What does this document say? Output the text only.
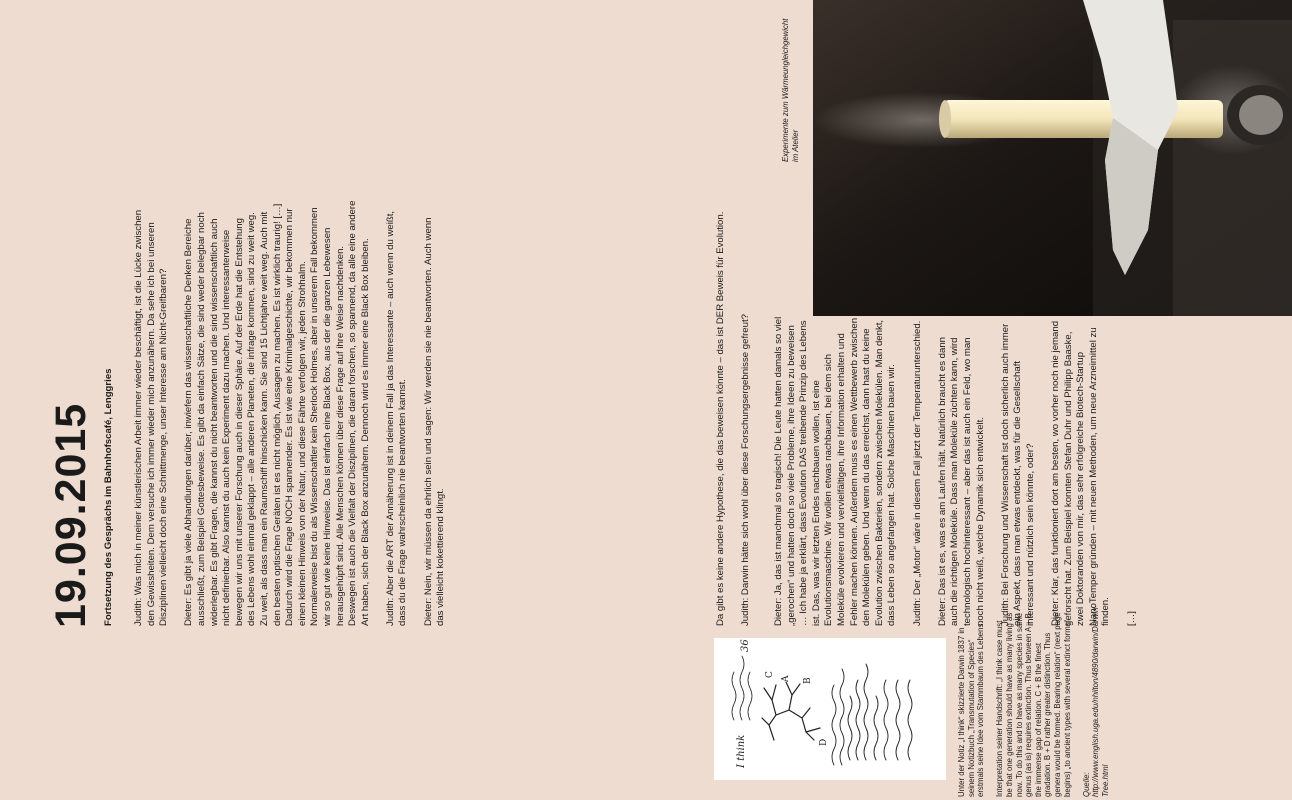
19.09.2015 Fortsetzung des Gesprächs im Bahnhofscafé, Lenggries Judith: Was mich in meiner künstlerischen Arbeit immer wieder beschäftigt, ist die Lücke zwischen den Gewissheiten. Dem versuche ich immer wieder mich anzunähern. Da sehe ich bei unseren Disziplinen vielleicht doch eine Schnittmenge, unser Interesse am Nicht-Greifbaren? Dieter: Es gibt ja viele Abhandlungen darüber, inwiefern das wissenschaftliche Denken Bereiche ausschließt, zum Beispiel Gottesbeweise. Es gibt da einfach Sätze, die sind weder belegbar noch widerlegbar. Es gibt Fragen, die kannst du nicht beantworten und die sind wissenschaftlich auch nicht definierbar. Also kannst du auch kein Experiment dazu machen. Und interessanterweise bewegen wir uns mit unserer Forschung auch in dieser Sphäre. Auf der Erde hat die Entstehung des Lebens wohl einmal geklappt – alle anderen Planeten, die infrage kommen, sind zu weit weg. Zu weit, als dass man ein Raumschiff hinschicken kann. Sie sind 15 Lichtjahre weit weg. Auch mit den besten optischen Geräten ist es nicht möglich, Aussagen zu machen. Es ist wirklich traurig! […] Dadurch wird die Frage NOCH spannender. Es ist wie eine Kriminalgeschichte, wir bekommen nur einen kleinen Hinweis von der Natur, und diese Fährte verfolgen wir, jeden Strohhalm. Normalerweise bist du als Wissenschaftler kein Sherlock Holmes, aber in unserem Fall bekommen wir so gut wie keine Hinweise. Das ist einfach eine Black Box, aus der die ganzen Lebewesen herausgehüpft sind. Alle Menschen können über diese Frage auf ihre Weise nachdenken. Deswegen ist auch die Vielfalt der Disziplinen, die daran forschen, so spannend, da alle eine andere Art haben, sich der Black Box anzunähern. Dennoch wird es immer eine Black Box bleiben. Judith: Aber die ART der Annäherung ist in deinem Fall ja das Interessante – auch wenn du weißt, dass du die Frage wahrscheinlich nie beantworten kannst. Dieter: Nein, wir müssen da ehrlich sein und sagen: Wir werden sie nie beantworten. Auch wenn das vielleicht kokettierend klingt.	Da gibt es keine andere Hypothese, die das beweisen könnte – das ist DER Beweis für Evolution. Judith: Darwin hätte sich wohl über diese Forschungsergebnisse gefreut? Dieter: Ja, das ist manchmal so tragisch! Die Leute hatten damals so viel „gerochen“ und hatten doch so viele Probleme, ihre Ideen zu beweisen … Ich habe ja erklärt, dass Evolution DAS treibende Prinzip des Lebens ist. Das, was wir letzten Endes nachbauen wollen, ist eine Evolutionsmaschine. Wir wollen etwas nachbauen, bei dem sich Moleküle evolvieren und vervielfältigen, ihre Information erhalten und Fehler machen können. Außerdem muss es einen Wettbewerb zwischen den Molekülen geben. Und wenn du das erreichst, dann hast du keine Evolution zwischen Bakterien, sondern zwischen Molekülen. Man denkt, dass Leben so angefangen hat. Solche Maschinen bauen wir. Judith: Der „Motor“ wäre in diesem Fall jetzt der Temperaturunterschied. Dieter: Das ist es, was es am Laufen hält. Natürlich braucht es dann auch die richtigen Moleküle. Dass man Moleküle züchten kann, wird technologisch hochinteressant – aber das ist auch ein Feld, wo man noch nicht weiß, welche Dynamik sich entwickelt. Judith: Bei Forschung und Wissenschaft ist doch sicherlich auch immer ein Aspekt, dass man etwas entdeckt, was für die Gesellschaft interessant und nützlich sein könnte, oder? Dieter: Klar, das funktioniert dort am besten, wo vorher noch nie jemand geforscht hat. Zum Beispiel konnten Stefan Duhr und Philipp Baaske, zwei Doktoranden von mir, das sehr erfolgreiche Biotech-Startup NanoTemper gründen – mit neuen Methoden, um neue Arzneimittel zu finden. […]

Experimente zum Wärmeungleichgewicht im Atelier
36
I think
A B
C
D	Unter der Notiz „I think“ skizzierte Darwin 1837 in seinem Notizbuch „Transmutation of Species“ erstmals seine Idee vom Stammbaum des Lebens. Interpretation seiner Handschrift: „I think case must be that one generation should have as many living as now. To do this and to have as many species in same genus (as is) requires extinction. Thus between A + B the immense gap of relation. C + B the finest gradation. B + D rather greater distinction. Thus genera would be formed. Bearing relation“ (next page begins) „to ancient types with several extinct forms“ Quelle: http://www.english.uga.edu/nhilton/4890/darwin/Darwin-Tree.html
